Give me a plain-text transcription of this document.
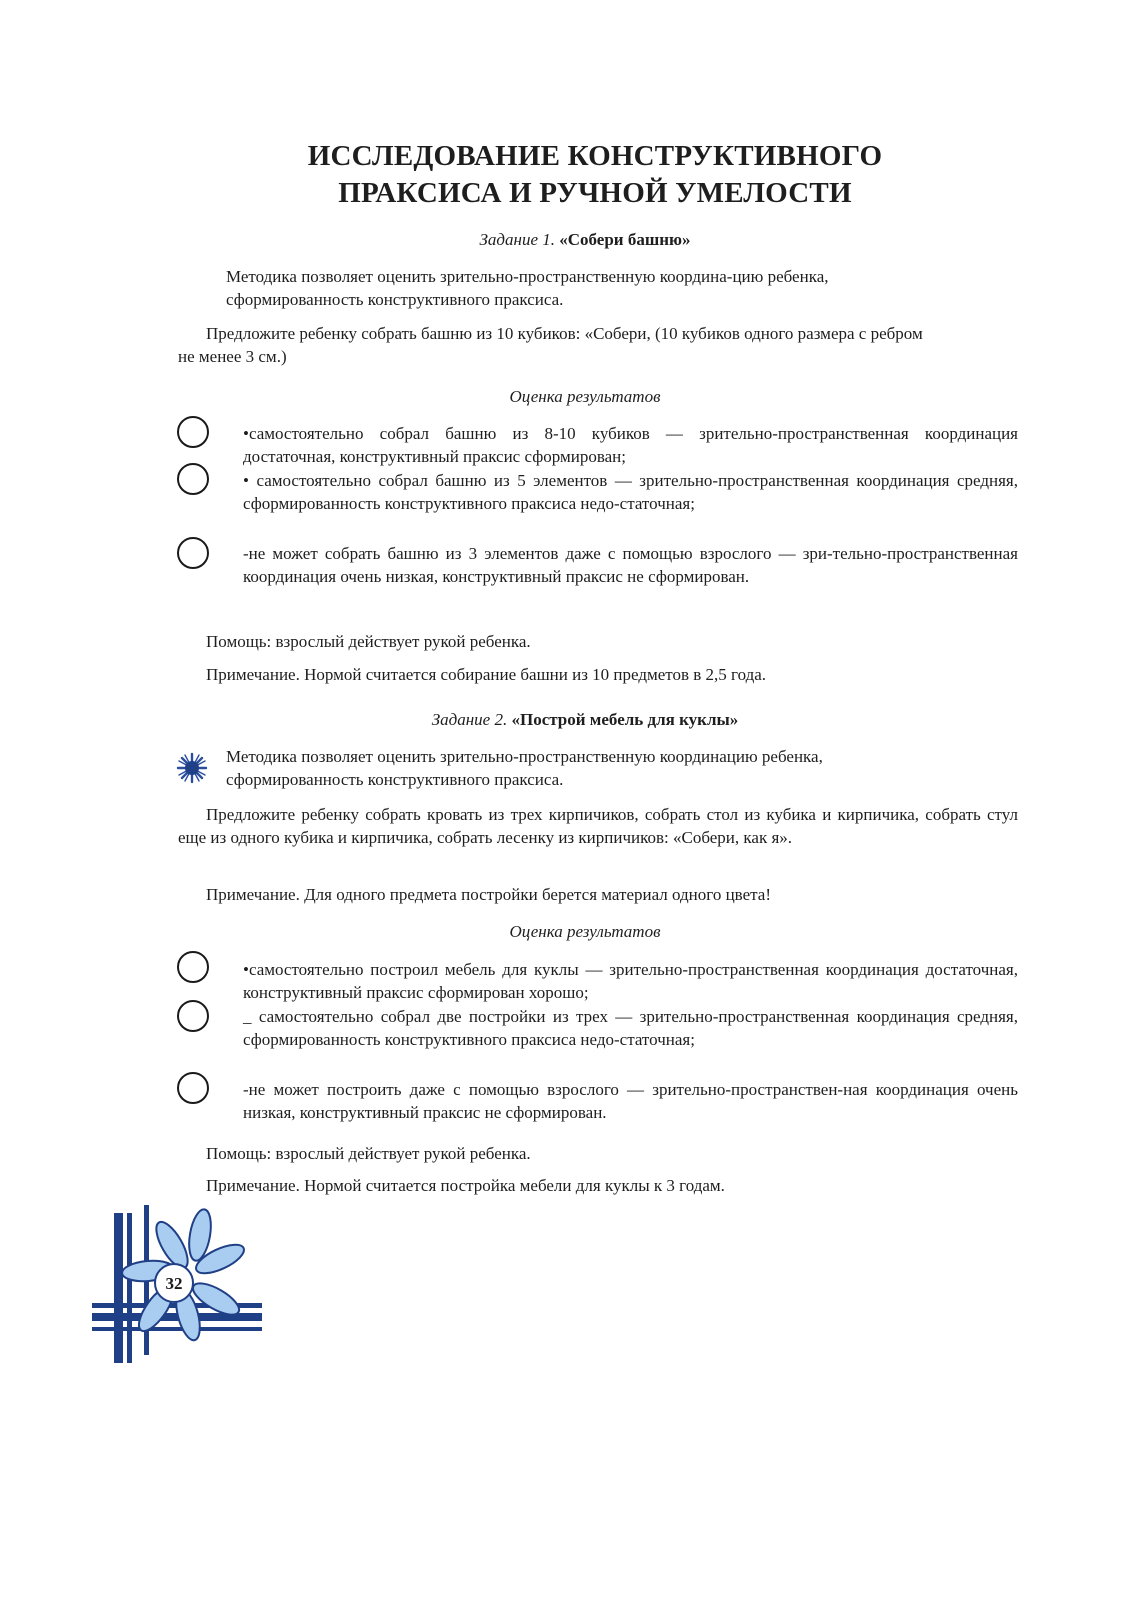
ИССЛЕДОВАНИЕ КОНСТРУКТИВНОГО
ПРАКСИСА И РУЧНОЙ УМЕЛОСТИ
Задание 1. «Собери башню»

Методика позволяет оценить зрительно-пространственную координа-цию ребенка, сформированность конструктивного праксиса.

Предложите ребенку собрать башню из 10 кубиков: «Собери, (10 кубиков одного размера с ребром не менее 3 см.)

Оценка результатов

•самостоятельно собрал башню из 8-10 кубиков — зрительно-пространственная координация достаточная, конструктивный праксис сформирован;

• самостоятельно собрал башню из 5 элементов — зрительно-пространственная координация средняя, сформированность конструктивного праксиса недо-статочная;

-не может собрать башню из 3 элементов даже с помощью взрослого — зри-тельно-пространственная координация очень низкая, конструктивный праксис не сформирован.

Помощь: взрослый действует рукой ребенка.

Примечание. Нормой считается собирание башни из 10 предметов в 2,5 года.

Задание 2. «Построй мебель для куклы»

Методика позволяет оценить зрительно-пространственную координацию ребенка, сформированность конструктивного праксиса.

Предложите ребенку собрать кровать из трех кирпичиков, собрать стол из кубика и кирпичика, собрать стул еще из одного кубика и кирпичика, собрать лесенку из кирпичиков: «Собери, как я».

Примечание. Для одного предмета постройки берется материал одного цвета!

Оценка результатов

•самостоятельно построил мебель для куклы — зрительно-пространственная координация достаточная, конструктивный праксис сформирован хорошо;

_ самостоятельно собрал две постройки из трех — зрительно-пространственная координация средняя, сформированность конструктивного праксиса недо-статочная;

-не может построить даже с помощью взрослого — зрительно-пространствен-ная координация очень низкая, конструктивный праксис не сформирован.

Помощь: взрослый действует рукой ребенка.

Примечание. Нормой считается постройка мебели для куклы к 3 годам.

32
